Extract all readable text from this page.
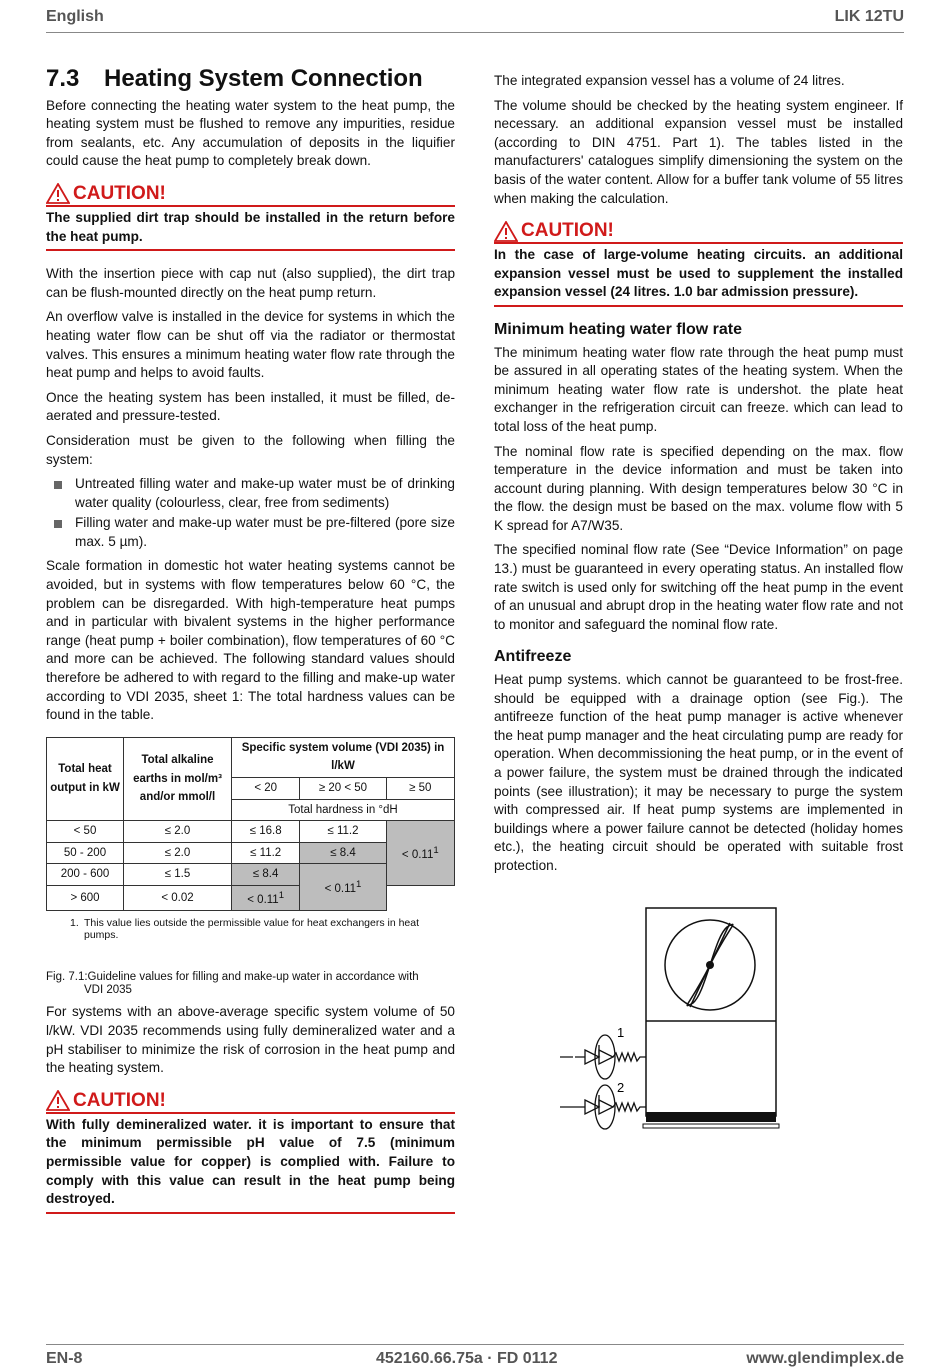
English	LIK 12TU
7.3 Heating System Connection

Before connecting the heating water system to the heat pump, the heating system must be flushed to remove any impurities, residue from sealants, etc. Any accumulation of deposits in the liquifier could cause the heat pump to completely break down.

CAUTION!
The supplied dirt trap should be installed in the return before the heat pump.

With the insertion piece with cap nut (also supplied), the dirt trap can be flush-mounted directly on the heat pump return.

An overflow valve is installed in the device for systems in which the heating water flow can be shut off via the radiator or thermostat valves. This ensures a minimum heating water flow rate through the heat pump and helps to avoid faults.

Once the heating system has been installed, it must be filled, de-aerated and pressure-tested.

Consideration must be given to the following when filling the system:

Untreated filling water and make-up water must be of drinking water quality (colourless, clear, free from sediments)
Filling water and make-up water must be pre-filtered (pore size max. 5 µm).

Scale formation in domestic hot water heating systems cannot be avoided, but in systems with flow temperatures below 60 °C, the problem can be disregarded. With high-temperature heat pumps and in particular with bivalent systems in the higher performance range (heat pump + boiler combination), flow temperatures of 60 °C and more can be achieved. The following standard values should therefore be adhered to with regard to the filling and make-up water according to VDI 2035, sheet 1: The total hardness values can be found in the table.

Total heat output in kW	Total alkaline earths in mol/m³ and/or mmol/l	Specific system volume (VDI 2035) in l/kW		
		< 20	≥ 20 < 50	≥ 50
		Total hardness in °dH		
< 50	≤ 2.0	≤ 16.8	≤ 11.2	< $0.11^1$
50 - 200	≤ 2.0	≤ 11.2	≤ 8.4	
200 - 600	≤ 1.5	≤ 8.4	< $0.11^1$
> 600	< 0.02	< $0.11^1$
1. This value lies outside the permissible value for heat exchangers in heat pumps.
Fig. 7.1:Guideline values for filling and make-up water in accordance with
VDI 2035

For systems with an above-average specific system volume of 50 l/kW. VDI 2035 recommends using fully demineralized water and a pH stabiliser to minimize the risk of corrosion in the heat pump and the heating system.

CAUTION!
With fully demineralized water. it is important to ensure that the minimum permissible pH value of 7.5 (minimum permissible value for copper) is complied with. Failure to comply with this value can result in the heat pump being destroyed.

The integrated expansion vessel has a volume of 24 litres.

The volume should be checked by the heating system engineer. If necessary. an additional expansion vessel must be installed (according to DIN 4751. Part 1). The tables listed in the manufacturers' catalogues simplify dimensioning the system on the basis of the water content. Allow for a buffer tank volume of 55 litres when making the calculation.

CAUTION!
In the case of large-volume heating circuits. an additional expansion vessel must be used to supplement the installed expansion vessel (24 litres. 1.0 bar admission pressure).
Minimum heating water flow rate

The minimum heating water flow rate through the heat pump must be assured in all operating states of the heating system. When the minimum heating water flow rate is undershot. the plate heat exchanger in the refrigeration circuit can freeze. which can lead to total loss of the heat pump.

The nominal flow rate is specified depending on the max. flow temperature in the device information and must be taken into account during planning. With design temperatures below 30 °C in the flow. the design must be based on the max. volume flow with 5 K spread for A7/W35.

The specified nominal flow rate (See “Device Information” on page 13.) must be guaranteed in every operating status. An installed flow rate switch is used only for switching off the heat pump in the event of an unusual and abrupt drop in the heating water flow rate and not to monitor and safeguard the nominal flow rate.

Antifreeze

Heat pump systems. which cannot be guaranteed to be frost-free. should be equipped with a drainage option (see Fig.). The antifreeze function of the heat pump manager is active whenever the heat pump manager and the heat circulating pump are ready for operation. When decommissioning the heat pump, or in the event of a power failure, the system must be drained through the indicated points (see illustration); it may be necessary to purge the system with compressed air. If heat pump systems are implemented in buildings where a power failure cannot be detected (holiday homes etc.), the heating circuit should be operated with suitable frost protection.

1
2
EN-8	452160.66.75a · FD 0112	www.glendimplex.de
